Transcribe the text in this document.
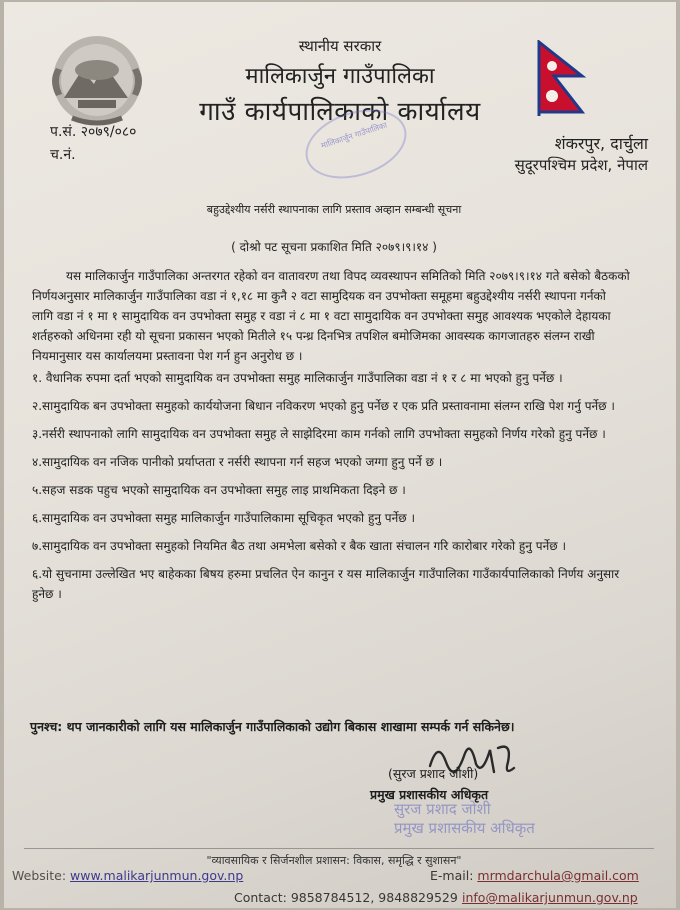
स्थानीय सरकार
मालिकार्जुन गाउँपालिका
गाउँ कार्यपालिकाको कार्यालय
प.सं. २०७९/०८०
च.नं.
मालिकार्जुन गाउँपालिका	शंकरपुर, दार्चुला
सुदूरपश्चिम प्रदेश, नेपाल
बहुउद्देश्यीय नर्सरी स्थापनाका लागि प्रस्ताव अव्हान सम्बन्धी सूचना
( दोश्रो पट सूचना प्रकाशित मिति २०७९।९।१४ )

यस मालिकार्जुन गाउँपालिका अन्तरगत रहेको वन वातावरण तथा विपद व्यवस्थापन समितिको मिति २०७९।९।१४ गते बसेको बैठकको निर्णयअनुसार मालिकार्जुन गाउँपालिका वडा नं १,१८ मा कुनै २ वटा सामुदियक वन उपभोक्ता समूहमा बहुउद्देश्यीय नर्सरी स्थापना गर्नको लागि वडा नं १ मा १ सामुदायिक वन उपभोक्ता समुह र वडा नं ८ मा १ वटा सामुदायिक वन उपभोक्ता समुह आवश्यक भएकोले देहायका शर्तहरुको अधिनमा रही यो सूचना प्रकासन भएको मितीले १५ पन्ध्र दिनभित्र तपशिल बमोजिमका आवस्यक कागजातहरु संलग्न राखी नियमानुसार यस कार्यालयमा प्रस्तावना पेश गर्न हुन अनुरोध छ ।

१. वैधानिक रुपमा दर्ता भएको सामुदायिक वन उपभोक्ता समुह मालिकार्जुन गाउँपालिका वडा नं १ र ८ मा भएको हुनु पर्नेछ ।

२.सामुदायिक बन उपभोक्ता समुहको कार्ययोजना बिधान नविकरण भएको हुनु पर्नेछ र एक प्रति प्रस्तावनामा संलग्न राखि पेश गर्नु पर्नेछ ।

३.नर्सरी स्थापनाको लागि सामुदायिक वन उपभोक्ता समुह ले साझेदिरमा काम गर्नको लागि उपभोक्ता समुहको निर्णय गरेको हुनु पर्नेछ ।

४.सामुदायिक वन नजिक पानीको प्रर्याप्तता र नर्सरी स्थापना गर्न सहज भएको जग्गा हुनु पर्ने छ ।

५.सहज सडक पहुच भएको सामुदायिक वन उपभोक्ता समुह लाइ प्राथमिकता दिइने छ ।

६.सामुदायिक वन उपभोक्ता समुह मालिकार्जुन गाउँपालिकामा सूचिकृत भएको हुनु पर्नेछ ।

७.सामुदायिक वन उपभोक्ता समुहको नियमित बैठ तथा अमभेला बसेको र बैक खाता संचालन गरि कारोबार गरेको हुनु पर्नेछ ।

६.यो सुचनामा उल्लेखित भए बाहेकका बिषय हरुमा प्रचलित ऐन कानुन र यस मालिकार्जुन गाउँपालिका गाउँकार्यपालिकाको निर्णय अनुसार हुनेछ ।

पुनश्च: थप जानकारीको लागि यस मालिकार्जुन गाउँपालिकाको उद्योग बिकास शाखामा सम्पर्क गर्न सकिनेछ।
(सुरज प्रशाद जोशी)
प्रमुख प्रशासकीय अधिकृत
सुरज प्रशाद जोशी
प्रमुख प्रशासकीय अधिकृत
"व्यावसायिक र सिर्जनशील प्रशासन: विकास, समृद्धि र सुशासन"
Website: www.malikarjunmun.gov.np
Contact: 9858784512, 9848829529
E-mail: mrmdarchula@gmail.com
info@malikarjunmun.gov.np
